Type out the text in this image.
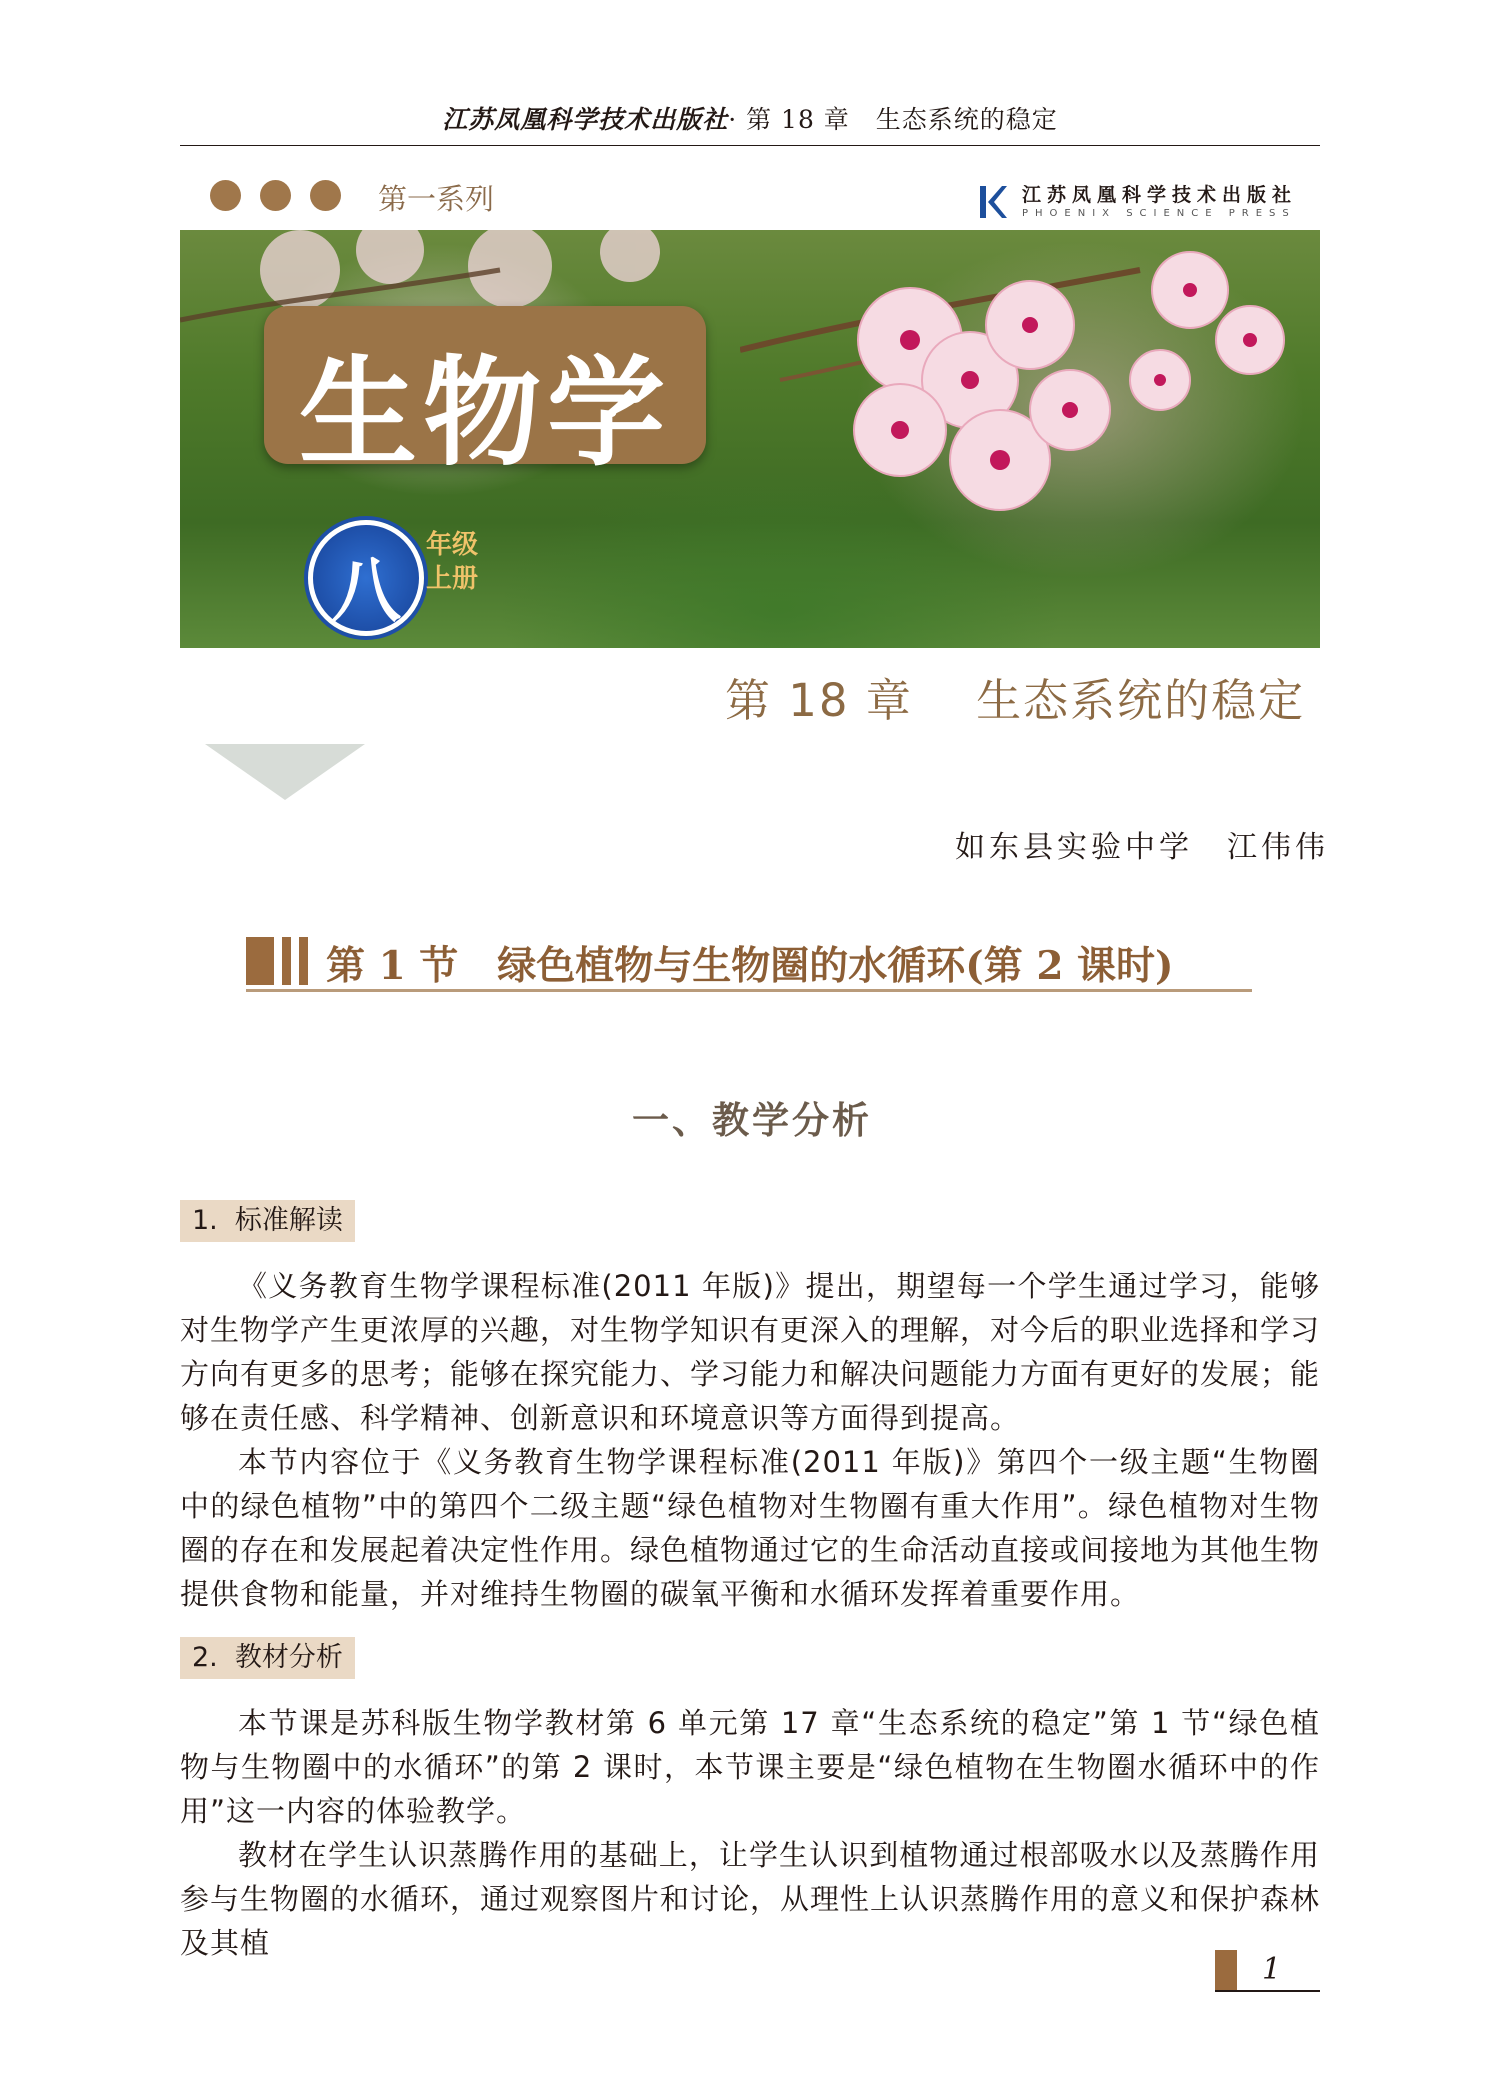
江苏凤凰科学技术出版社· 第 18 章　生态系统的稳定
第一系列	江苏凤凰科学技术出版社
PHOENIX SCIENCE PRESS
生物学
八
年级
上册
第 18 章　 生态系统的稳定
如东县实验中学　江伟伟
第 1 节　绿色植物与生物圈的水循环(第 2 课时)
一、教学分析
1.  标准解读

《义务教育生物学课程标准(2011 年版)》提出，期望每一个学生通过学习，能够对生物学产生更浓厚的兴趣，对生物学知识有更深入的理解，对今后的职业选择和学习方向有更多的思考；能够在探究能力、学习能力和解决问题能力方面有更好的发展；能够在责任感、科学精神、创新意识和环境意识等方面得到提高。

本节内容位于《义务教育生物学课程标准(2011 年版)》第四个一级主题“生物圈中的绿色植物”中的第四个二级主题“绿色植物对生物圈有重大作用”。绿色植物对生物圈的存在和发展起着决定性作用。绿色植物通过它的生命活动直接或间接地为其他生物提供食物和能量，并对维持生物圈的碳氧平衡和水循环发挥着重要作用。

2.  教材分析

本节课是苏科版生物学教材第 6 单元第 17 章“生态系统的稳定”第 1 节“绿色植物与生物圈中的水循环”的第 2 课时，本节课主要是“绿色植物在生物圈水循环中的作用”这一内容的体验教学。

教材在学生认识蒸腾作用的基础上，让学生认识到植物通过根部吸水以及蒸腾作用参与生物圈的水循环，通过观察图片和讨论，从理性上认识蒸腾作用的意义和保护森林及其植

1
